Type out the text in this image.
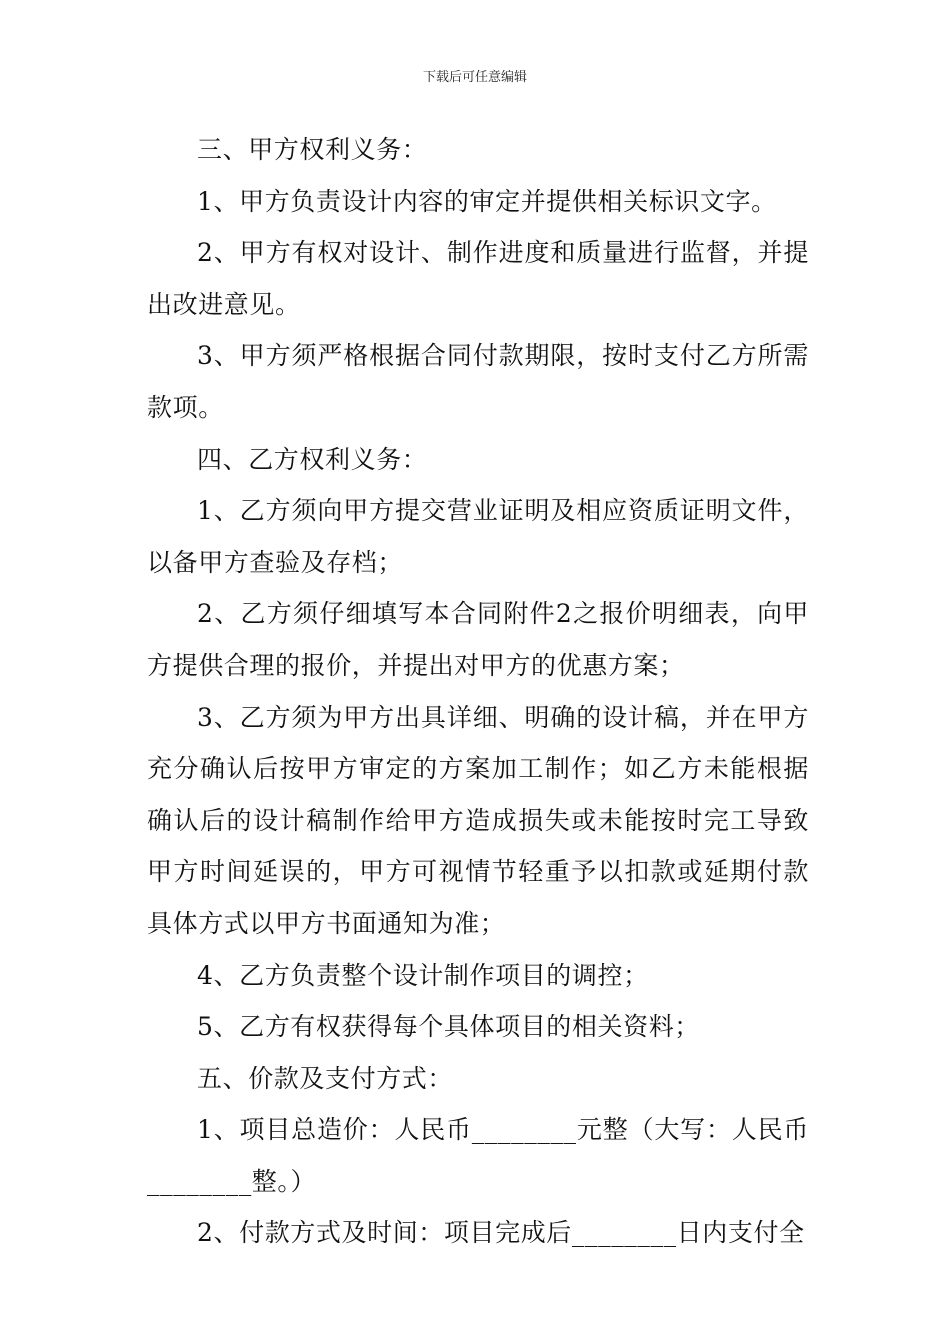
下载后可任意编辑

三、甲方权利义务：

1、甲方负责设计内容的审定并提供相关标识文字。

2、甲方有权对设计、制作进度和质量进行监督，并提出改进意见。

3、甲方须严格根据合同付款期限，按时支付乙方所需款项。

四、乙方权利义务：

1、乙方须向甲方提交营业证明及相应资质证明文件，以备甲方查验及存档；

2、乙方须仔细填写本合同附件2之报价明细表，向甲方提供合理的报价，并提出对甲方的优惠方案；

3、乙方须为甲方出具详细、明确的设计稿，并在甲方充分确认后按甲方审定的方案加工制作；如乙方未能根据确认后的设计稿制作给甲方造成损失或未能按时完工导致甲方时间延误的，甲方可视情节轻重予以扣款或延期付款具体方式以甲方书面通知为准；

4、乙方负责整个设计制作项目的调控；

5、乙方有权获得每个具体项目的相关资料；

五、价款及支付方式：

1、项目总造价：人民币________元整（大写：人民币________整。）

2、付款方式及时间：项目完成后________日内支付全
